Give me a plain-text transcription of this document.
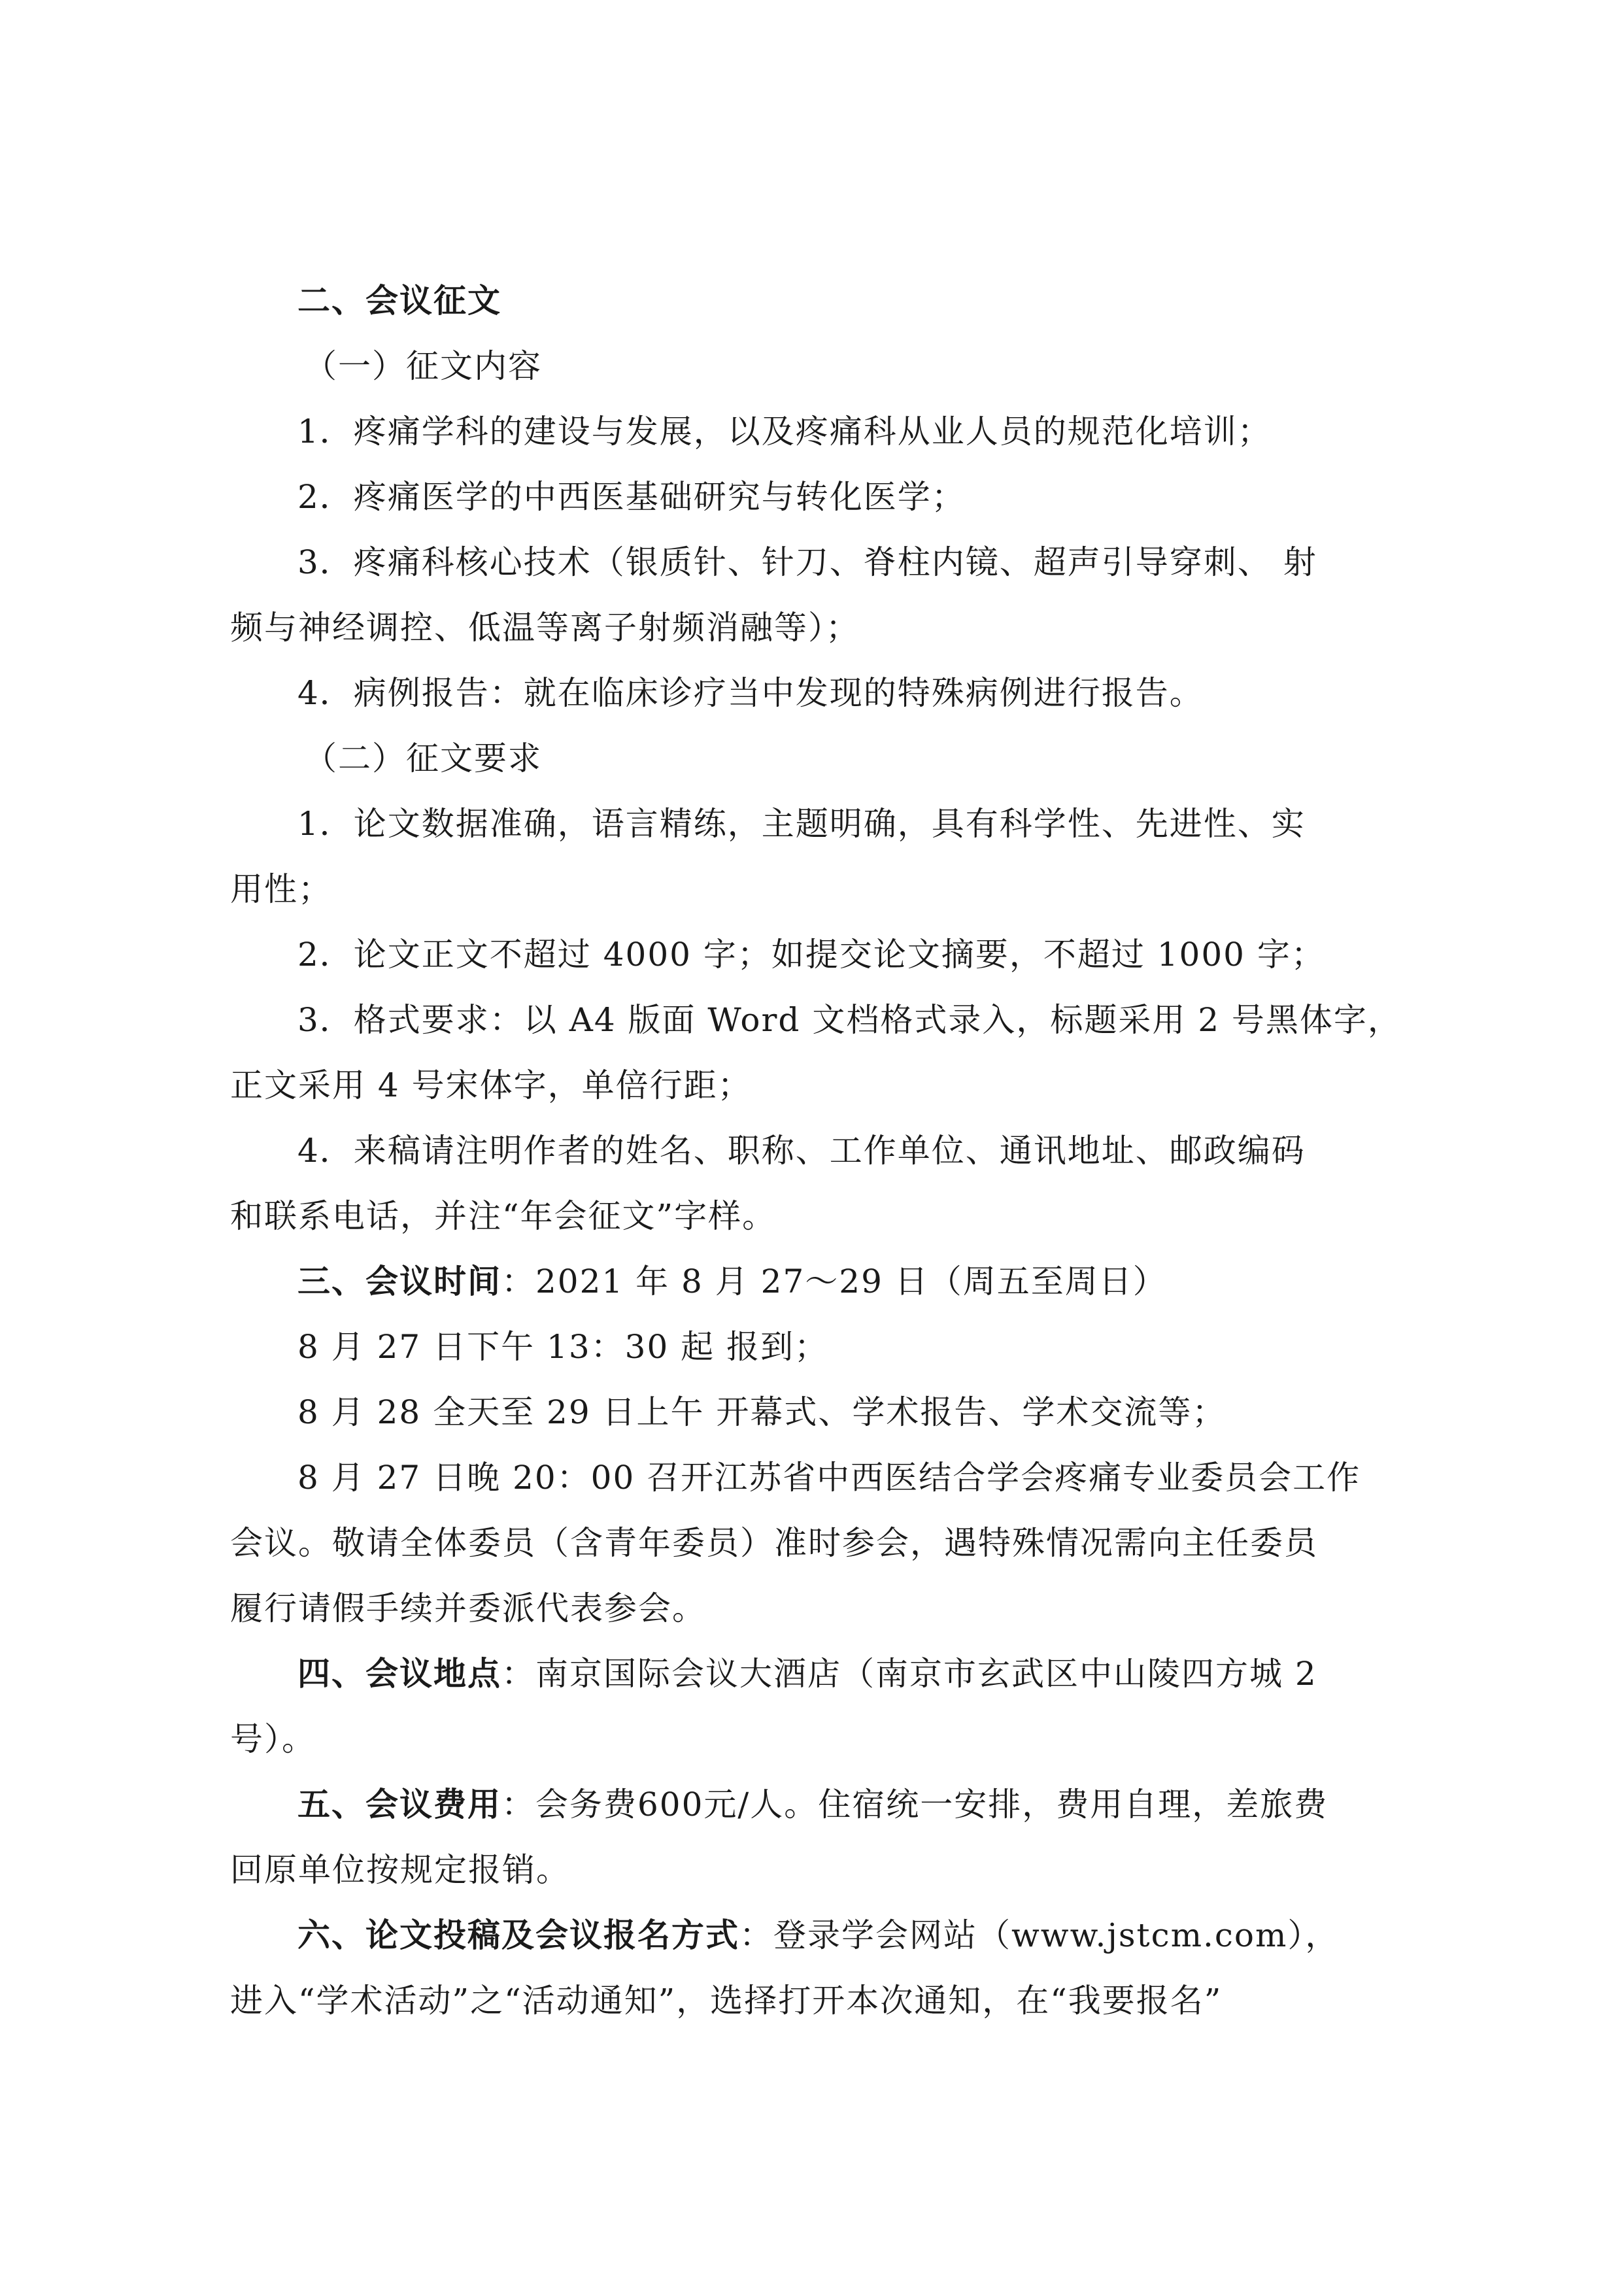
二、会议征文
（一）征文内容
1．疼痛学科的建设与发展，以及疼痛科从业人员的规范化培训；
2．疼痛医学的中西医基础研究与转化医学；
3．疼痛科核心技术（银质针、针刀、脊柱内镜、超声引导穿刺、 射
频与神经调控、低温等离子射频消融等）；
4．病例报告：就在临床诊疗当中发现的特殊病例进行报告。
（二）征文要求
1．论文数据准确，语言精练，主题明确，具有科学性、先进性、实
用性；
2．论文正文不超过 4000 字；如提交论文摘要，不超过 1000 字；
3．格式要求：以 A4 版面 Word 文档格式录入，标题采用 2 号黑体字，
正文采用 4 号宋体字，单倍行距；
4．来稿请注明作者的姓名、职称、工作单位、通讯地址、邮政编码
和联系电话，并注“年会征文”字样。
三、会议时间：2021 年 8 月 27～29 日（周五至周日）
8 月 27 日下午 13：30 起 报到；
8 月 28 全天至 29 日上午 开幕式、学术报告、学术交流等；
8 月 27 日晚 20：00 召开江苏省中西医结合学会疼痛专业委员会工作
会议。敬请全体委员（含青年委员）准时参会，遇特殊情况需向主任委员
履行请假手续并委派代表参会。
四、会议地点：南京国际会议大酒店（南京市玄武区中山陵四方城 2
号）。
五、会议费用：会务费600元/人。住宿统一安排，费用自理，差旅费
回原单位按规定报销。
六、论文投稿及会议报名方式：登录学会网站（www.jstcm.com），
进入“学术活动”之“活动通知”，选择打开本次通知，在“我要报名”
